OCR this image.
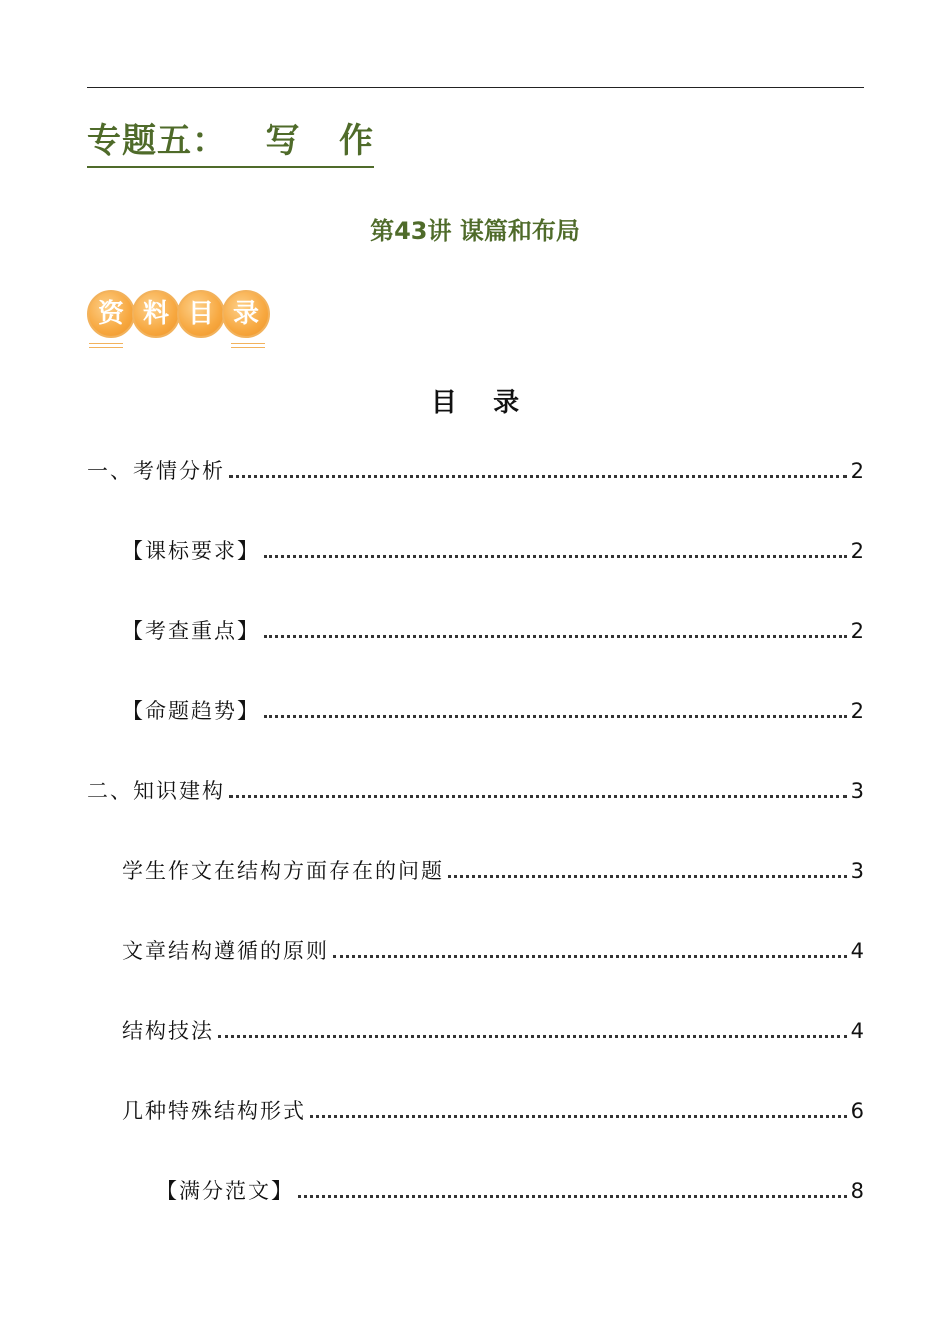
专题五：   写   作
第43讲 谋篇和布局
资 料 目 录
目    录
一、考情分析	2
【课标要求】	2
【考查重点】	2
【命题趋势】	2
二、知识建构	3
学生作文在结构方面存在的问题	3
文章结构遵循的原则	4
结构技法	4
几种特殊结构形式	6
【满分范文】	8
